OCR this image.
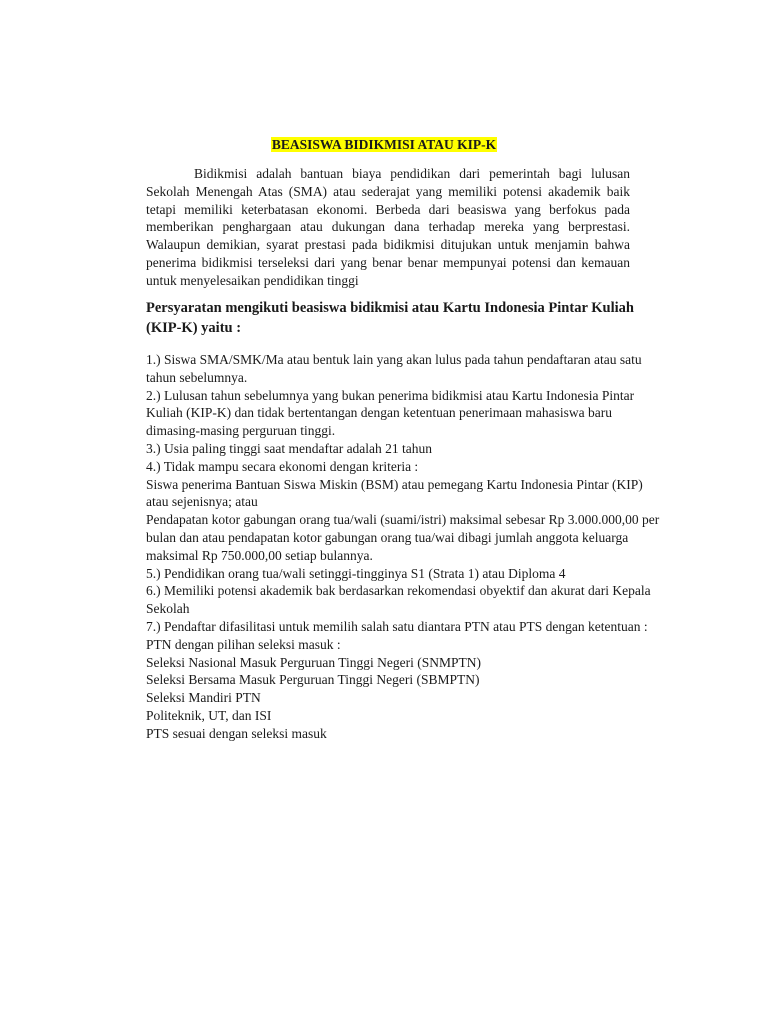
BEASISWA BIDIKMISI ATAU KIP-K

Bidikmisi adalah bantuan biaya pendidikan dari pemerintah bagi lulusan Sekolah Menengah Atas (SMA) atau sederajat yang memiliki potensi akademik baik tetapi memiliki keterbatasan ekonomi. Berbeda dari beasiswa yang berfokus pada memberikan penghargaan atau dukungan dana terhadap mereka yang berprestasi. Walaupun demikian, syarat prestasi pada bidikmisi ditujukan untuk menjamin bahwa penerima bidikmisi terseleksi dari yang benar benar mempunyai potensi dan kemauan untuk menyelesaikan pendidikan tinggi

Persyaratan mengikuti beasiswa bidikmisi atau Kartu Indonesia Pintar Kuliah (KIP-K) yaitu :

1.) Siswa SMA/SMK/Ma atau bentuk lain yang akan lulus pada tahun pendaftaran atau satu tahun sebelumnya.
2.) Lulusan tahun sebelumnya yang bukan penerima bidikmisi atau Kartu Indonesia Pintar Kuliah (KIP-K) dan tidak bertentangan dengan ketentuan penerimaan mahasiswa baru dimasing-masing perguruan tinggi.
3.) Usia paling tinggi saat mendaftar adalah 21 tahun
4.) Tidak mampu secara ekonomi dengan kriteria :
Siswa penerima Bantuan Siswa Miskin (BSM) atau pemegang Kartu Indonesia Pintar (KIP) atau sejenisnya; atau
Pendapatan kotor gabungan orang tua/wali (suami/istri) maksimal sebesar Rp 3.000.000,00 per bulan dan atau pendapatan kotor gabungan orang tua/wai dibagi jumlah anggota keluarga maksimal Rp 750.000,00 setiap bulannya.
5.) Pendidikan orang tua/wali setinggi-tingginya S1 (Strata 1) atau Diploma 4
6.) Memiliki potensi akademik bak berdasarkan rekomendasi obyektif dan akurat dari Kepala Sekolah
7.) Pendaftar difasilitasi untuk memilih salah satu diantara PTN atau PTS dengan ketentuan :
PTN dengan pilihan seleksi masuk :
Seleksi Nasional Masuk Perguruan Tinggi Negeri (SNMPTN)
Seleksi Bersama Masuk Perguruan Tinggi Negeri (SBMPTN)
Seleksi Mandiri PTN
Politeknik, UT, dan ISI
PTS sesuai dengan seleksi masuk
